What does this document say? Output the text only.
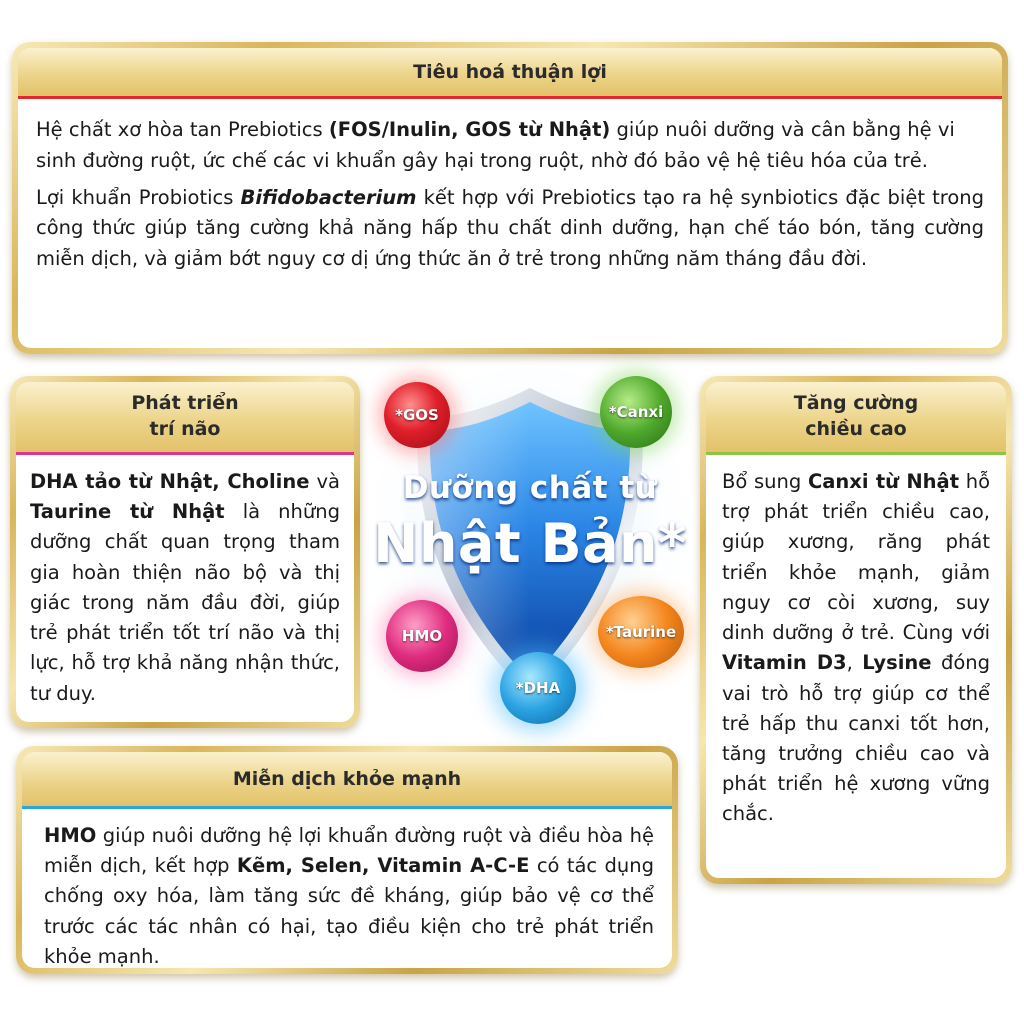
Tiêu hoá thuận lợi

Hệ chất xơ hòa tan Prebiotics (FOS/Inulin, GOS từ Nhật) giúp nuôi dưỡng và cân bằng hệ vi sinh đường ruột, ức chế các vi khuẩn gây hại trong ruột, nhờ đó bảo vệ hệ tiêu hóa của trẻ.

Lợi khuẩn Probiotics Bifidobacterium kết hợp với Prebiotics tạo ra hệ synbiotics đặc biệt trong công thức giúp tăng cường khả năng hấp thu chất dinh dưỡng, hạn chế táo bón, tăng cường miễn dịch, và giảm bớt nguy cơ dị ứng thức ăn ở trẻ trong những năm tháng đầu đời.

Phát triển
trí não
DHA tảo từ Nhật, Choline và Taurine từ Nhật là những dưỡng chất quan trọng tham gia hoàn thiện não bộ và thị giác trong năm đầu đời, giúp trẻ phát triển tốt trí não và thị lực, hỗ trợ khả năng nhận thức, tư duy.
Tăng cường
chiều cao
Bổ sung Canxi từ Nhật hỗ trợ phát triển chiều cao, giúp xương, răng phát triển khỏe mạnh, giảm nguy cơ còi xương, suy dinh dưỡng ở trẻ. Cùng với Vitamin D3, Lysine đóng vai trò hỗ trợ giúp cơ thể trẻ hấp thu canxi tốt hơn, tăng trưởng chiều cao và phát triển hệ xương vững chắc.
Miễn dịch khỏe mạnh
HMO giúp nuôi dưỡng hệ lợi khuẩn đường ruột và điều hòa hệ miễn dịch, kết hợp Kẽm, Selen, Vitamin A-C-E có tác dụng chống oxy hóa, làm tăng sức đề kháng, giúp bảo vệ cơ thể trước các tác nhân có hại, tạo điều kiện cho trẻ phát triển khỏe mạnh.
Dưỡng chất từ
Nhật Bản*
*GOS	*Canxi
HMO	*Taurine
*DHA
